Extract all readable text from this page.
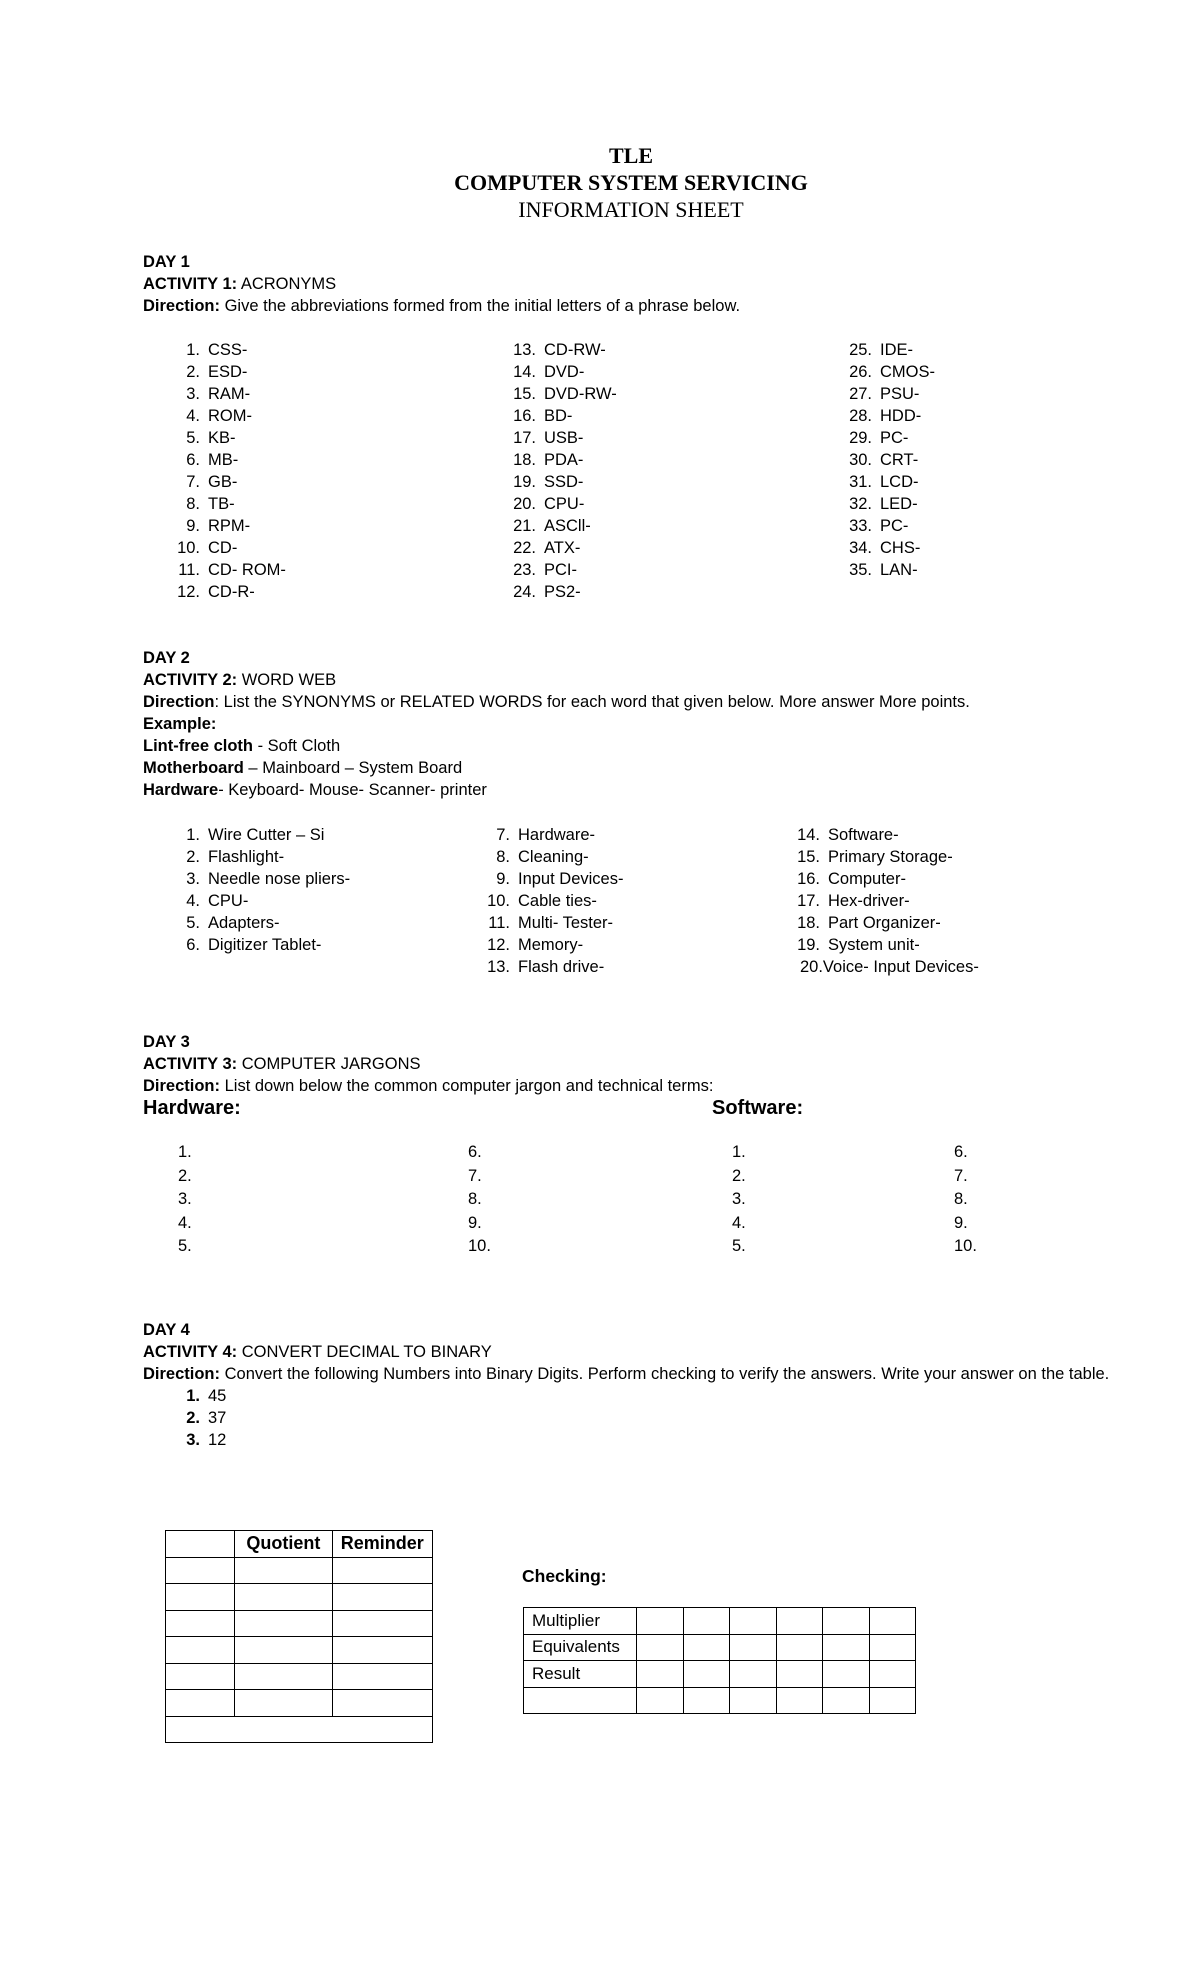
TLE
COMPUTER SYSTEM SERVICING
INFORMATION SHEET
DAY 1
ACTIVITY 1: ACRONYMS
Direction: Give the abbreviations formed from the initial letters of a phrase below.
1. CSS-
2. ESD-
3. RAM-
4. ROM-
5. KB-
6. MB-
7. GB-
8. TB-
9. RPM-
10. CD-
11. CD- ROM-
12. CD-R-
13. CD-RW-
14. DVD-
15. DVD-RW-
16. BD-
17. USB-
18. PDA-
19. SSD-
20. CPU-
21. ASCll-
22. ATX-
23. PCI-
24. PS2-
25. IDE-
26. CMOS-
27. PSU-
28. HDD-
29. PC-
30. CRT-
31. LCD-
32. LED-
33. PC-
34. CHS-
35. LAN-
DAY 2
ACTIVITY 2: WORD WEB
Direction: List the SYNONYMS or RELATED WORDS for each word that given below. More answer More points.
Example:
Lint-free cloth - Soft Cloth
Motherboard – Mainboard – System Board
Hardware- Keyboard- Mouse- Scanner- printer
1. Wire Cutter – Si
2. Flashlight-
3. Needle nose pliers-
4. CPU-
5. Adapters-
6. Digitizer Tablet-
7. Hardware-
8. Cleaning-
9. Input Devices-
10. Cable ties-
11. Multi- Tester-
12. Memory-
13. Flash drive-
14. Software-
15. Primary Storage-
16. Computer-
17. Hex-driver-
18. Part Organizer-
19. System unit-
20.Voice- Input Devices-
DAY 3
ACTIVITY 3: COMPUTER JARGONS
Direction: List down below the common computer jargon and technical terms:
Hardware:	Software:
1.
2.
3.
4.
5.
6.
7.
8.
9.
10.
1.
2.
3.
4.
5.
6.
7.
8.
9.
10.
DAY 4
ACTIVITY 4: CONVERT DECIMAL TO BINARY
Direction: Convert the following Numbers into Binary Digits. Perform checking to verify the answers. Write your answer on the table.
1. 45
2. 37
3. 12
	Quotient	Reminder

Checking:
Multiplier						
Equivalents						
Result						
